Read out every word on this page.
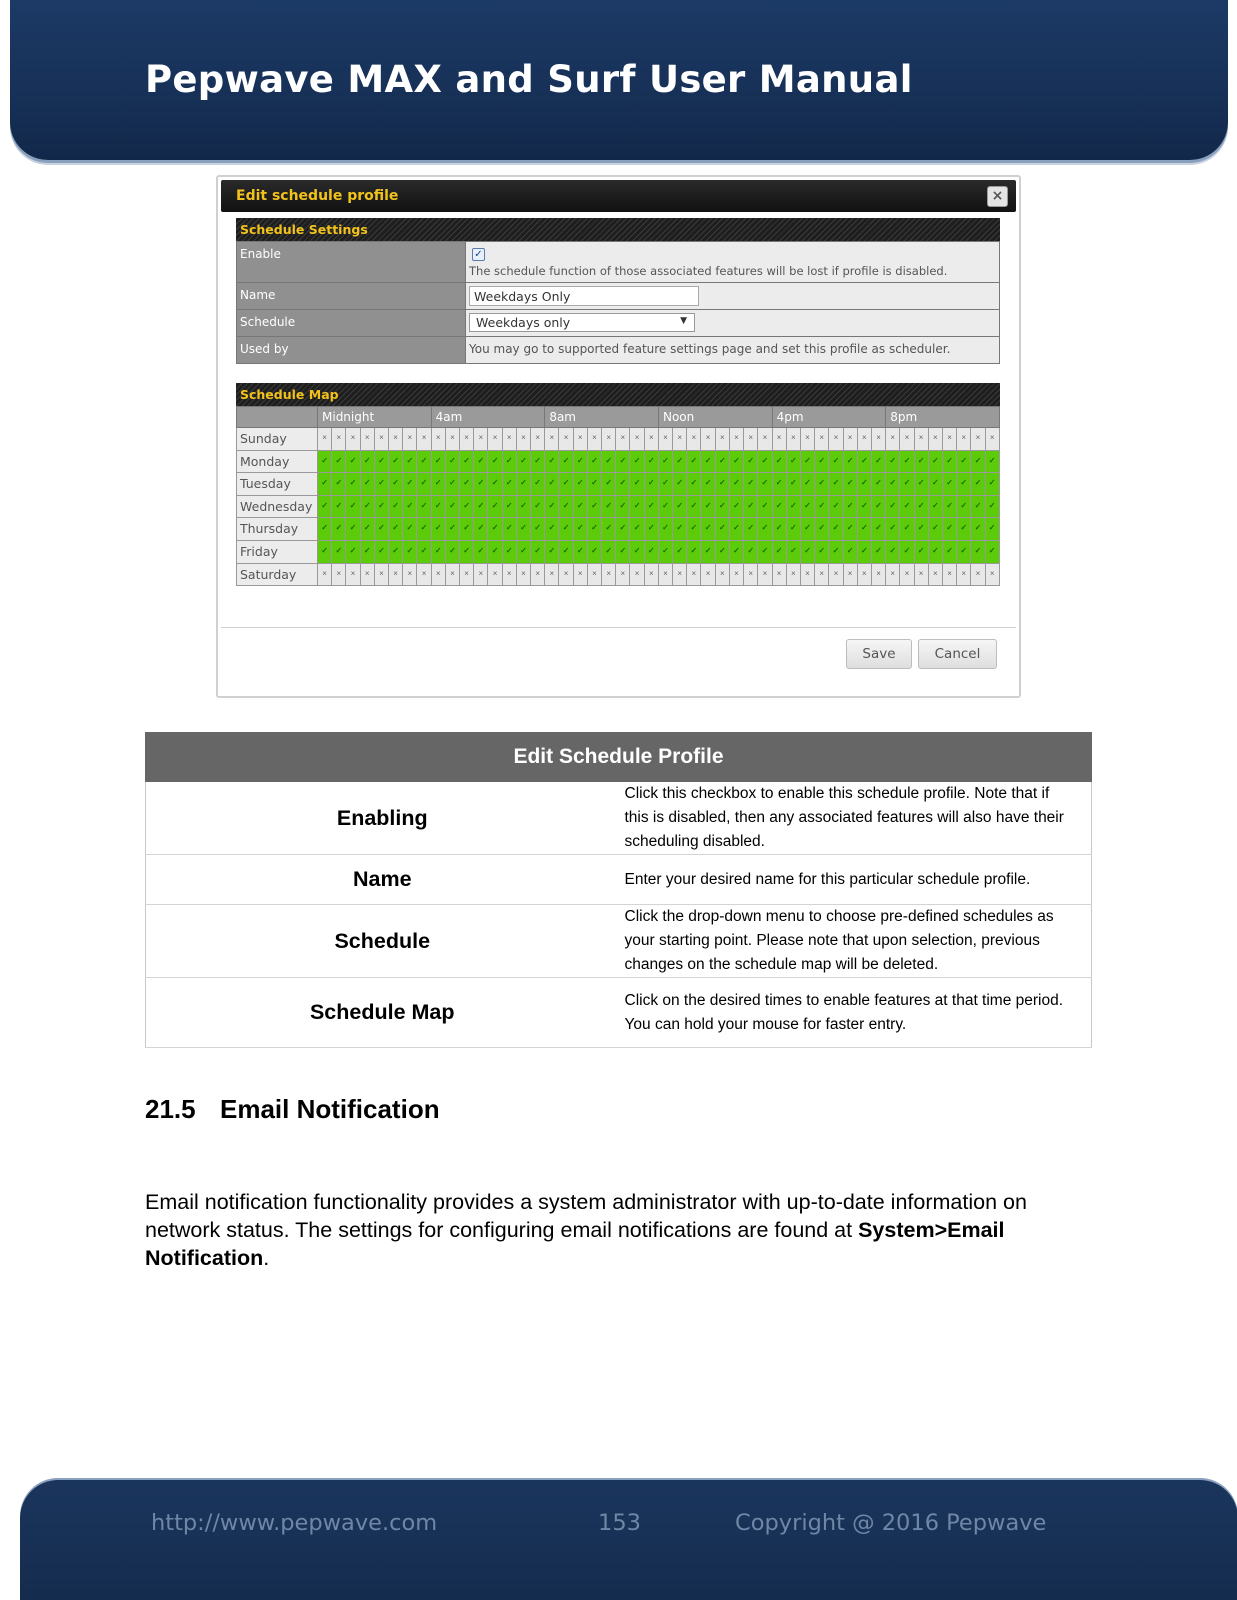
Pepwave MAX and Surf User Manual
Edit schedule profile	×
Schedule Settings
Enable	✓
The schedule function of those associated features will be lost if profile is disabled.
Name	Weekdays Only
Schedule	Weekdays only ▼

Used by	You may go to supported feature settings page and set this profile as scheduler.
Schedule Map
Midnight	4am	8am	Noon	4pm	8pm
Sunday	×	×	×	×	×	×	×	×	×	×	×	×	×	×	×	×	×	×	×	×	×	×	×	×	×	×	×	×	×	×	×	×	×	×	×	×	×	×	×	×	×	×	×	×	×	×	×	×
Monday	✓ ✓ ✓ ✓ ✓ ✓ ✓ ✓ ✓ ✓ ✓ ✓ ✓ ✓ ✓ ✓ ✓ ✓ ✓ ✓ ✓ ✓ ✓ ✓ ✓ ✓ ✓ ✓ ✓ ✓ ✓ ✓ ✓ ✓ ✓ ✓ ✓ ✓ ✓ ✓ ✓ ✓ ✓ ✓ ✓ ✓ ✓ ✓
Tuesday	✓ ✓ ✓ ✓ ✓ ✓ ✓ ✓ ✓ ✓ ✓ ✓ ✓ ✓ ✓ ✓ ✓ ✓ ✓ ✓ ✓ ✓ ✓ ✓ ✓ ✓ ✓ ✓ ✓ ✓ ✓ ✓ ✓ ✓ ✓ ✓ ✓ ✓ ✓ ✓ ✓ ✓ ✓ ✓ ✓ ✓ ✓ ✓
Wednesday	✓ ✓ ✓ ✓ ✓ ✓ ✓ ✓ ✓ ✓ ✓ ✓ ✓ ✓ ✓ ✓ ✓ ✓ ✓ ✓ ✓ ✓ ✓ ✓ ✓ ✓ ✓ ✓ ✓ ✓ ✓ ✓ ✓ ✓ ✓ ✓ ✓ ✓ ✓ ✓ ✓ ✓ ✓ ✓ ✓ ✓ ✓ ✓
Thursday	✓ ✓ ✓ ✓ ✓ ✓ ✓ ✓ ✓ ✓ ✓ ✓ ✓ ✓ ✓ ✓ ✓ ✓ ✓ ✓ ✓ ✓ ✓ ✓ ✓ ✓ ✓ ✓ ✓ ✓ ✓ ✓ ✓ ✓ ✓ ✓ ✓ ✓ ✓ ✓ ✓ ✓ ✓ ✓ ✓ ✓ ✓ ✓
Friday	✓ ✓ ✓ ✓ ✓ ✓ ✓ ✓ ✓ ✓ ✓ ✓ ✓ ✓ ✓ ✓ ✓ ✓ ✓ ✓ ✓ ✓ ✓ ✓ ✓ ✓ ✓ ✓ ✓ ✓ ✓ ✓ ✓ ✓ ✓ ✓ ✓ ✓ ✓ ✓ ✓ ✓ ✓ ✓ ✓ ✓ ✓ ✓
Saturday	×	×	×	×	×	×	×	×	×	×	×	×	×	×	×	×	×	×	×	×	×	×	×	×	×	×	×	×	×	×	×	×	×	×	×	×	×	×	×	×	×	×	×	×	×	×	×	×
Save	Cancel
Edit Schedule Profile	
Enabling	Click this checkbox to enable this schedule profile. Note that if this is disabled, then any associated features will also have their scheduling disabled.
Name	Enter your desired name for this particular schedule profile.
Schedule	Click the drop-down menu to choose pre-defined schedules as your starting point. Please note that upon selection, previous changes on the schedule map will be deleted.
Schedule Map	Click on the desired times to enable features at that time period. You can hold your mouse for faster entry.
21.5 Email Notification

Email notification functionality provides a system administrator with up-to-date information on network status. The settings for configuring email notifications are found at System>Email Notification.

http://www.pepwave.com	153	Copyright @ 2016 Pepwave
